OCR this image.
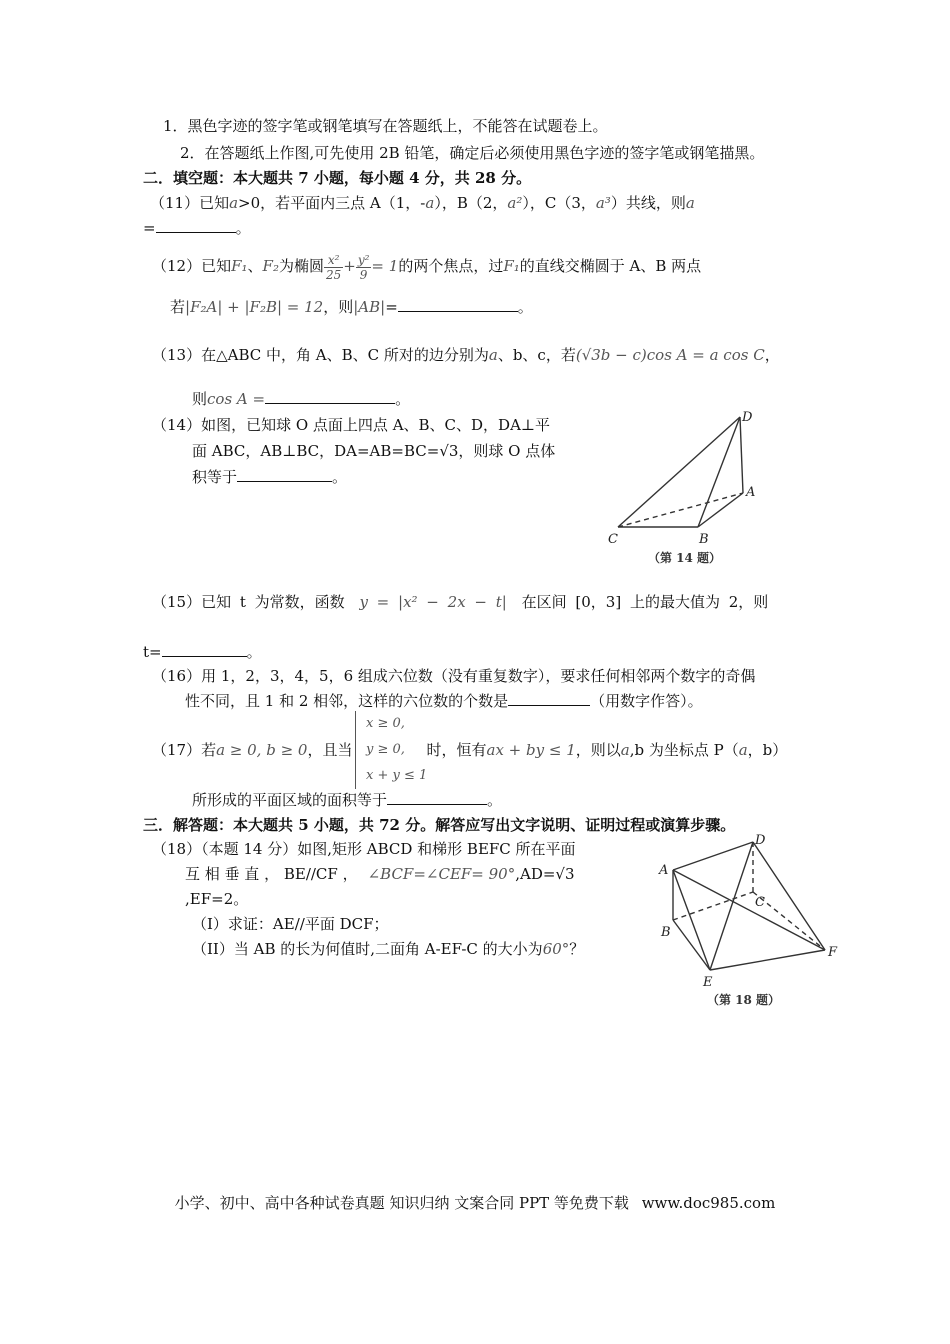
1．黑色字迹的签字笔或钢笔填写在答题纸上，不能答在试题卷上。
2．在答题纸上作图,可先使用 2B 铅笔，确定后必须使用黑色字迹的签字笔或钢笔描黑。
二．填空题：本大题共 7 小题，每小题 4 分，共 28 分。
（11）已知a>0，若平面内三点 A（1，-a），B（2，a²），C（3，a³）共线，则a
=	。
（12）已知F₁、F₂为椭圆 $\frac{\text{x²}}{25} + \frac{\text{y²}}{9} = 1$的两个焦点，过F₁的直线交椭圆于 A、B 两点
若|F₂A| + |F₂B| = 12，则|AB|=	。
（13）在△ABC 中，角 A、B、C 所对的边分别为a、b、c，若(√3b − c)cos A = a cos C，
则cos A =	。
（14）如图，已知球 O 点面上四点 A、B、C、D，DA⊥平
面 ABC，AB⊥BC，DA=AB=BC=√3，则球 O 点体
积等于	。
D
A
B
C
（第 14 题）
（15）已知 t 为常数，函数 y = |x² − 2x − t| 在区间 [0，3] 上的最大值为 2，则
t=	。
（16）用 1，2，3，4，5，6 组成六位数（没有重复数字），要求任何相邻两个数字的奇偶
性不同，且 1 和 2 相邻，这样的六位数的个数是	（用数字作答）。
（17）若a ≥ 0, b ≥ 0，且当	时，恒有ax + by ≤ 1，则以a,b 为坐标点 P（a，b）
x ≥ 0,
y ≥ 0,
x + y ≤ 1
所形成的平面区域的面积等于	。
三．解答题：本大题共 5 小题，共 72 分。解答应写出文字说明、证明过程或演算步骤。
（18）（本题 14 分）如图,矩形 ABCD 和梯形 BEFC 所在平面
互 相 垂 直 ， BE//CF ， ∠BCF=∠CEF= 90°,AD=√3
,EF=2。
（I）求证：AE//平面 DCF；
（II）当 AB 的长为何值时,二面角 A-EF-C 的大小为60°？
A
B
C
D
E
F
（第 18 题）
小学、初中、高中各种试卷真题 知识归纳 文案合同 PPT 等免费下载 www.doc985.com
